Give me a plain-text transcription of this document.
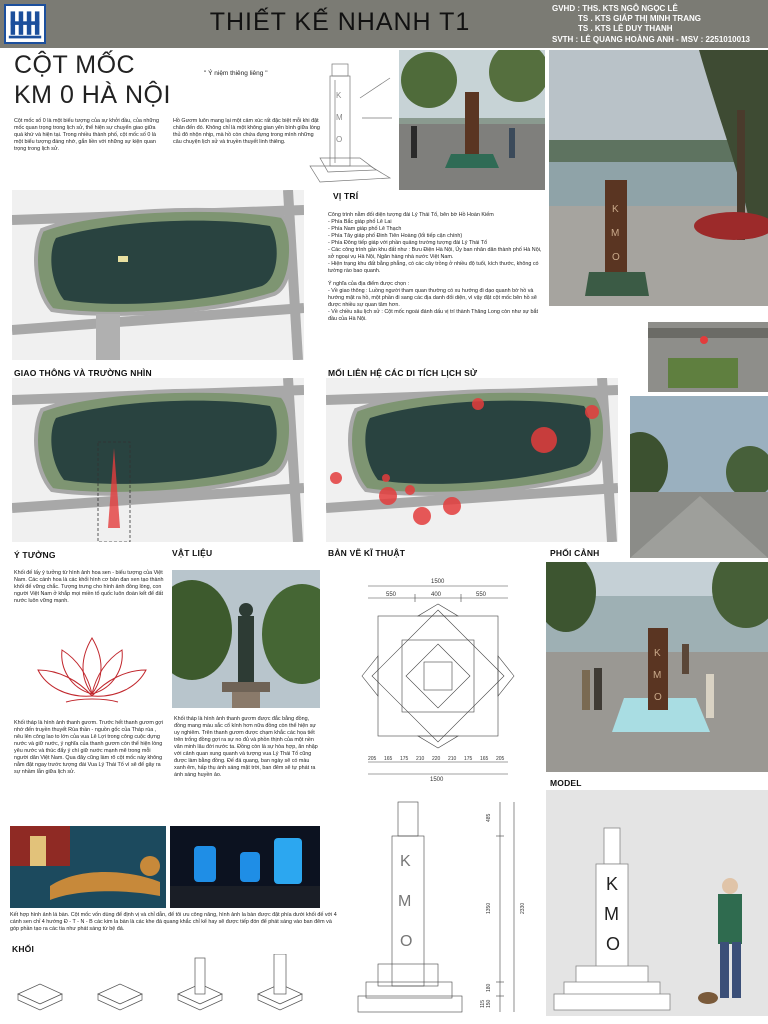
THIẾT KẾ NHANH T1	GVHD : THS. KTS NGÔ NGỌC LÊ
TS . KTS GIÁP THỊ MINH TRANG
TS . KTS LÊ DUY THANH
SVTH : LÊ QUANG HOÀNG ANH - MSV : 2251010013
CỘT MỐC
KM 0 HÀ NỘI
" Ý niệm thiêng liêng "
Cột mốc số 0 là một biểu tượng của sự khởi đầu, của những mốc quan trọng trong lịch sử, thể hiện sự chuyển giao giữa quá khứ và hiện tại. Trong nhiều thành phố, cột mốc số 0 là một biểu tượng đáng nhớ, gắn liền với những sự kiện quan trọng trong lịch sử.
Hồ Gươm luôn mang lại một cảm xúc rất đặc biệt mỗi khi đặt chân đến đó. Không chỉ là một không gian yên bình giữa lòng thủ đô nhộn nhịp, mà hồ còn chứa đựng trong mình những câu chuyện lịch sử và truyền thuyết linh thiêng.
K
M
O
K
M
O
VỊ TRÍ
Công trình nằm đối diện tượng đài Lý Thái Tổ, bên bờ Hồ Hoàn Kiếm
- Phía Bắc giáp phố Lê Lai
- Phía Nam giáp phố Lê Thạch
- Phía Tây giáp phố Đinh Tiên Hoàng (lối tiếp cận chính)
- Phía Đông tiếp giáp với phần quảng trường tượng đài Lý Thái Tổ
- Các công trình gần khu đất như : Bưu Điện Hà Nội, Ủy ban nhân dân thành phố Hà Nội, sở ngoại vụ Hà Nội, Ngân hàng nhà nước Việt Nam.
- Hiện trạng khu đất bằng phẳng, có các cây trồng ở nhiều độ tuổi, kích thước, không có tường rào bao quanh.
Ý nghĩa của địa điểm được chọn :
- Về giao thông : Luồng người tham quan thường có xu hướng đi dạo quanh bờ hồ và hướng mặt ra hồ, một phần đi sang các địa danh đối diện, vì vậy đặt cột mốc bên hồ sẽ được nhiều sự quan tâm hơn.
- Về chiều sâu lịch sử : Cột mốc ngoài đánh dấu vị trí thành Thăng Long còn như sự bắt đầu của Hà Nội.
GIAO THÔNG VÀ TRƯỜNG NHÌN	MỐI LIÊN HỆ CÁC DI TÍCH LỊCH SỬ
Ý TƯỞNG
Khối đế lấy ý tưởng từ hình ảnh hoa sen - biểu tượng của Việt Nam. Các cánh hoa là các khối hình cơ bản đan xen tạo thành khối đế vững chắc. Tượng trưng cho hình ảnh đồng lòng, con người Việt Nam ở khắp mọi miền tổ quốc luôn đoàn kết để đất nước luôn vững mạnh.
Khối tháp là hình ảnh thanh gươm. Trước hết thanh gươm gợi nhớ đến truyền thuyết Rùa thần - nguồn gốc của Tháp rùa , nêu lên công lao to lớn của vua Lê Lợi trong công cuộc dựng nước và giữ nước, ý nghĩa của thanh gươm còn thể hiện lòng yêu nước và thúc đẩy ý chí giữ nước mạnh mẽ trong mỗi người dân Việt Nam. Qua đây cũng làm rõ cột mốc này không nằm đặt ngay trước tượng đài Vua Lý Thái Tổ vì sẽ để gây ra sự nhầm lẫn giữa lịch sử.
VẬT LIỆU
Khối tháp là hình ảnh thanh gươm được đắc bằng đồng, đồng mang màu sắc cổ kính hơn nữa đồng còn thể hiện sự uy nghiêm. Trên thanh gươm được chạm khắc các họa tiết trên trống đồng gợi ra sự no đủ và phồn thịnh của một nền văn minh lâu đời nước ta. Đồng còn là sự hòa hợp, ăn nhập với cảnh quan xung quanh và tượng vua Lý Thái Tổ cũng được làm bằng đồng. Đế đá quang, ban ngày sẽ có màu xanh êm, hấp thụ ánh sáng mặt trời, ban đêm sẽ tự phát ra ánh sáng huyền ảo.
BẢN VẼ KĨ THUẬT
1500
550	400	550
205 165 175 210 220 210 175 165 205
1500
PHỐI CẢNH
K
M
O
K
M
O
485
1350
180
150
115
2330
MODEL
K
M
O
Kết hợp hình ảnh lá bàn. Cột mốc vốn dùng để định vị và chỉ dẫn, để tôi ưu công năng, hình ảnh la bàn được đặt phía dưới khối đế với 4 cánh sen chỉ 4 hướng Đ - T - N - B các kim la bàn là các khe đá quang khắc chỉ kể hay sẽ được tiếp đón để phát sáng vào ban đêm và góp phần tạo ra các tia như phát sáng từ bệ đá.
KHỐI
